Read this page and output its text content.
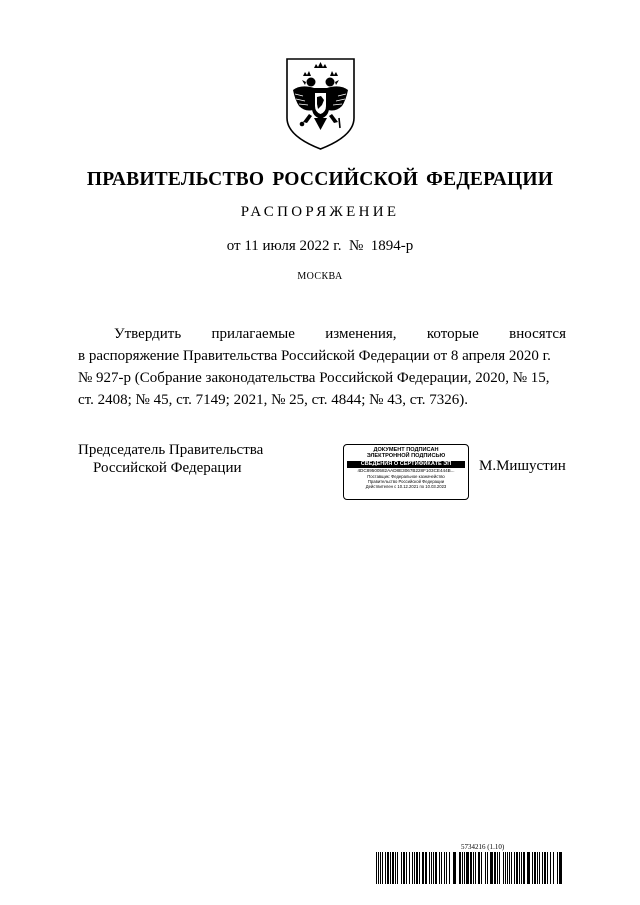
ПРАВИТЕЛЬСТВО РОССИЙСКОЙ ФЕДЕРАЦИИ
РАСПОРЯЖЕНИЕ
от 11 июля 2022 г.  №  1894-р
МОСКВА
Утвердить прилагаемые изменения, которые вносятся
в распоряжение Правительства Российской Федерации от 8 апреля 2020 г.
№ 927-р (Собрание законодательства Российской Федерации, 2020, № 15,
ст. 2408; № 45, ст. 7149; 2021, № 25, ст. 4844; № 43, ст. 7326).
Председатель Правительства
Российской Федерации
ДОКУМЕНТ ПОДПИСАН
ЭЛЕКТРОННОЙ ПОДПИСЬЮ
СВЕДЕНИЯ О СЕРТИФИКАТЕ ЭП
4DC89500582AAD8E3067B228F103CE444B...
Поставщик: Федеральное казначейство
Правительство Российской Федерации
Действителен с 10.12.2021 по 10.03.2023
М.Мишустин
5734216 (1.10)
